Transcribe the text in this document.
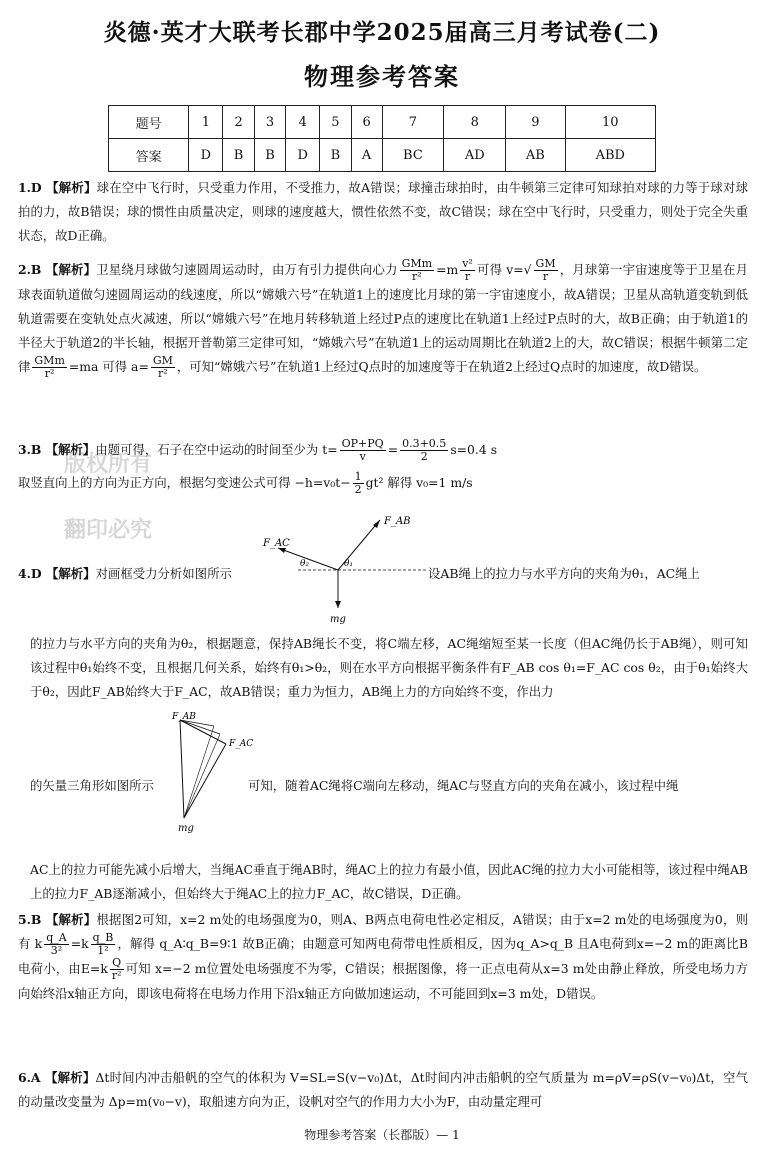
炎德·英才大联考长郡中学2025届高三月考试卷(二)
物理参考答案
题号	1	2	3	4	5	6	7	8	9	10
答案	D	B	B	D	B	A	BC	AD	AB	ABD

1.D 【解析】球在空中飞行时，只受重力作用，不受推力，故A错误；球撞击球拍时，由牛顿第三定律可知球拍对球的力等于球对球拍的力，故B错误；球的惯性由质量决定，则球的速度越大，惯性依然不变，故C错误；球在空中飞行时，只受重力，则处于完全失重状态，故D正确。

2.B 【解析】卫星绕月球做匀速圆周运动时，由万有引力提供向心力 $\frac{\text{GMm}}{\text{r²}} =m \frac{\text{v²}}{r}$ 可得 $v=√ \frac{GM}{r}$ ，月球第一宇宙速度等于卫星在月球表面轨道做匀速圆周运动的线速度，所以“嫦娥六号”在轨道1上的速度比月球的第一宇宙速度小，故A错误；卫星从高轨道变轨到低轨道需要在变轨处点火减速，所以“嫦娥六号”在地月转移轨道上经过P点的速度比在轨道1上经过P点时的大，故B正确；由于轨道1的半径大于轨道2的半长轴，根据开普勒第三定律可知，“嫦娥六号”在轨道1上的运动周期比在轨道2上的大，故C错误；根据牛顿第二定律 $\frac{\text{GMm}}{\text{r²}} =ma$ 可得 $a= \frac{GM}{\text{r²}}$ ，可知“嫦娥六号”在轨道1上经过Q点时的加速度等于在轨道2上经过Q点时的加速度，故D错误。

版权所有
翻印必究

3.B 【解析】由题可得，石子在空中运动的时间至少为 $t= \frac{OP+PQ}{v} = \frac{0.3+0.5}{2} s=0.4$ s

取竖直向上的方向为正方向，根据匀变速公式可得 $-h=v_0t- \frac{1}{2} gt^2$ 解得 v₀=1 m/s

F_AC
F_AB
θ₂	θ₁
mg

4.D 【解析】对画框受力分析如图所示	设AB绳上的拉力与水平方向的夹角为θ₁，AC绳上

的拉力与水平方向的夹角为θ₂，根据题意，保持AB绳长不变，将C端左移，AC绳缩短至某一长度（但AC绳仍长于AB绳），则可知该过程中θ₁始终不变，且根据几何关系，始终有θ₁>θ₂，则在水平方向根据平衡条件有F_AB cos θ₁=F_AC cos θ₂，由于θ₁始终大于θ₂，因此F_AB始终大于F_AC，故AB错误；重力为恒力，AB绳上力的方向始终不变，作出力

F_AB
F_AC
mg

的矢量三角形如图所示	可知，随着AC绳将C端向左移动，绳AC与竖直方向的夹角在减小，该过程中绳

AC上的拉力可能先减小后增大，当绳AC垂直于绳AB时，绳AC上的拉力有最小值，因此AC绳的拉力大小可能相等，该过程中绳AB上的拉力F_AB逐渐减小，但始终大于绳AC上的拉力F_AC，故C错误，D正确。

5.B 【解析】根据图2可知，x=2 m处的电场强度为0，则A、B两点电荷电性必定相反，A错误；由于x=2 m处的电场强度为0，则有 k $\frac{q\_A}{\text{3²}} =k \frac{q\_B}{\text{1²}}$ ，解得 q_A∶q_B=9∶1 故B正确；由题意可知两电荷带电性质相反，因为q_A>q_B 且A电荷到x=−2 m的距离比B电荷小，由$E=k \frac{Q}{\text{r²}}$ 可知 x=−2 m位置处电场强度不为零，C错误；根据图像，将一正点电荷从x=3 m处由静止释放，所受电场力方向始终沿x轴正方向，即该电荷将在电场力作用下沿x轴正方向做加速运动，不可能回到x=3 m处，D错误。

6.A 【解析】Δt时间内冲击船帆的空气的体积为 V=SL=S(v−v₀)Δt，Δt时间内冲击船帆的空气质量为 m=ρV=ρS(v−v₀)Δt，空气的动量改变量为 Δp=m(v₀−v)，取船速方向为正，设帆对空气的作用力大小为F，由动量定理可

物理参考答案（长郡版）— 1
